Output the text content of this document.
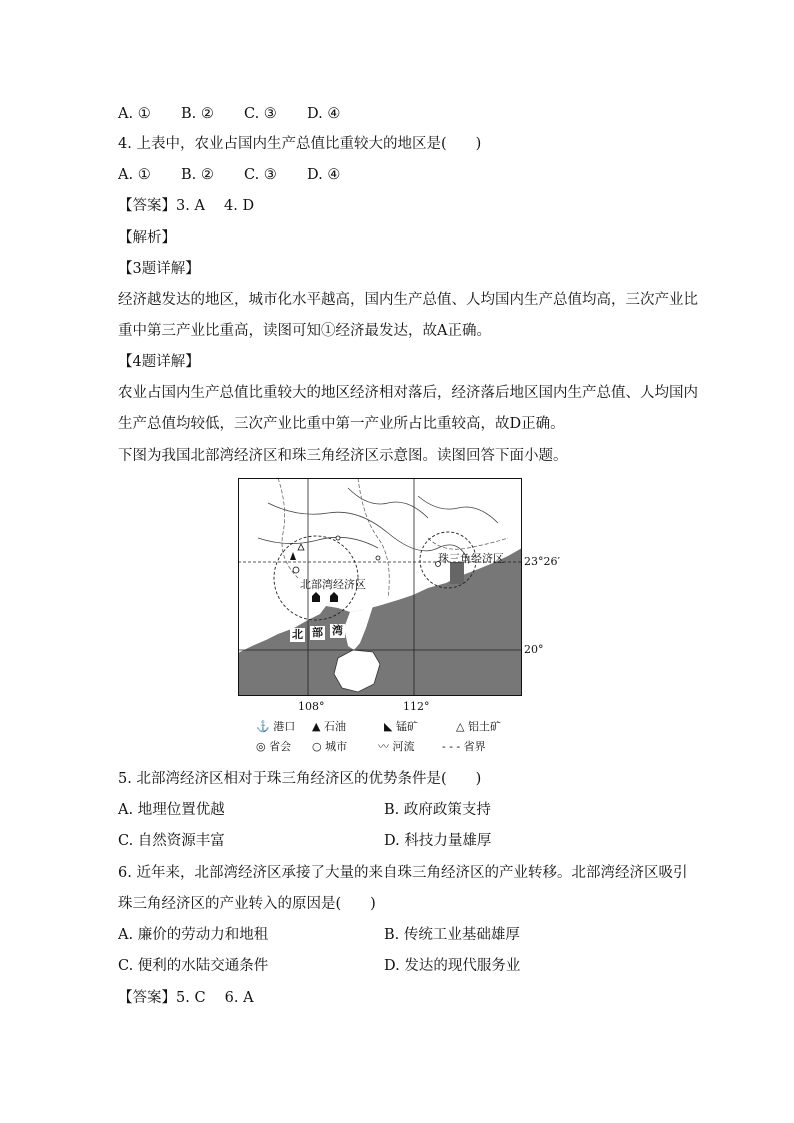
A. ① B. ② C. ③ D. ④
4. 上表中，农业占国内生产总值比重较大的地区是(　　)
A. ① B. ② C. ③ D. ④
【答案】3. A　 4. D
【解析】
【3题详解】
经济越发达的地区，城市化水平越高，国内生产总值、人均国内生产总值均高，三次产业比
重中第三产业比重高，读图可知①经济最发达，故A正确。
【4题详解】
农业占国内生产总值比重较大的地区经济相对落后，经济落后地区国内生产总值、人均国内
生产总值均较低，三次产业比重中第一产业所占比重较高，故D正确。
下图为我国北部湾经济区和珠三角经济区示意图。读图回答下面小题。
北部湾经济区
珠三角经济区
北 部 湾
23°26′
20°
108°	112°
⚓ 港口 ▲ 石油	◣ 锰矿	△ 铝土矿
◎ 省会 ○ 城市	〰 河流	- - - 省界
5. 北部湾经济区相对于珠三角经济区的优势条件是(　　)
A. 地理位置优越	B. 政府政策支持
C. 自然资源丰富	D. 科技力量雄厚
6. 近年来，北部湾经济区承接了大量的来自珠三角经济区的产业转移。北部湾经济区吸引
珠三角经济区的产业转入的原因是(　　)
A. 廉价的劳动力和地租	B. 传统工业基础雄厚
C. 便利的水陆交通条件	D. 发达的现代服务业
【答案】5. C　 6. A
